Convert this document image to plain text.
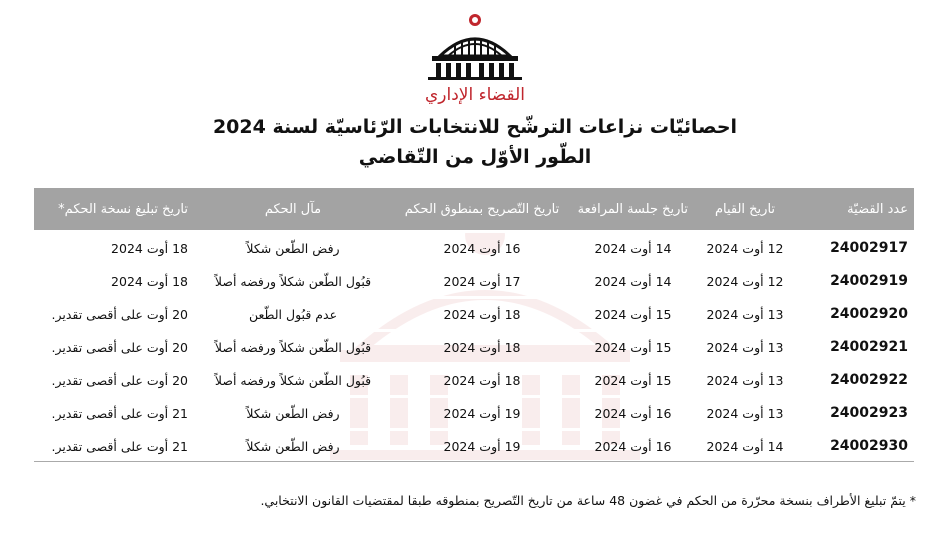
القضاء الإداري
احصائيّات نزاعات الترشّح للانتخابات الرّئاسيّة لسنة 2024
الطّور الأوّل من التّقاضي
عدد القضيّة	تاريخ القيام	تاريخ جلسة المرافعة	تاريخ التّصريح بمنطوق الحكم	مآل الحكم	تاريخ تبليغ نسخة الحكم*
24002917	12 أوت 2024	14 أوت 2024	16 أوت 2024	رفض الطّعن شكلاً	18 أوت 2024
24002919	12 أوت 2024	14 أوت 2024	17 أوت 2024	قبُول الطّعن شكلاً ورفضه أصلاً	18 أوت 2024
24002920	13 أوت 2024	15 أوت 2024	18 أوت 2024	عدم قبُول الطّعن	20 أوت على أقصى تقدير.
24002921	13 أوت 2024	15 أوت 2024	18 أوت 2024	قبُول الطّعن شكلاً ورفضه أصلاً	20 أوت على أقصى تقدير.
24002922	13 أوت 2024	15 أوت 2024	18 أوت 2024	قبُول الطّعن شكلاً ورفضه أصلاً	20 أوت على أقصى تقدير.
24002923	13 أوت 2024	16 أوت 2024	19 أوت 2024	رفض الطّعن شكلاً	21 أوت على أقصى تقدير.
24002930	14 أوت 2024	16 أوت 2024	19 أوت 2024	رفض الطّعن شكلاً	21 أوت على أقصى تقدير.
* يتمّ تبليغ الأطراف بنسخة محرّرة من الحكم في غضون 48 ساعة من تاريخ التّصريح بمنطوقه طبقا لمقتضيات القانون الانتخابي.
